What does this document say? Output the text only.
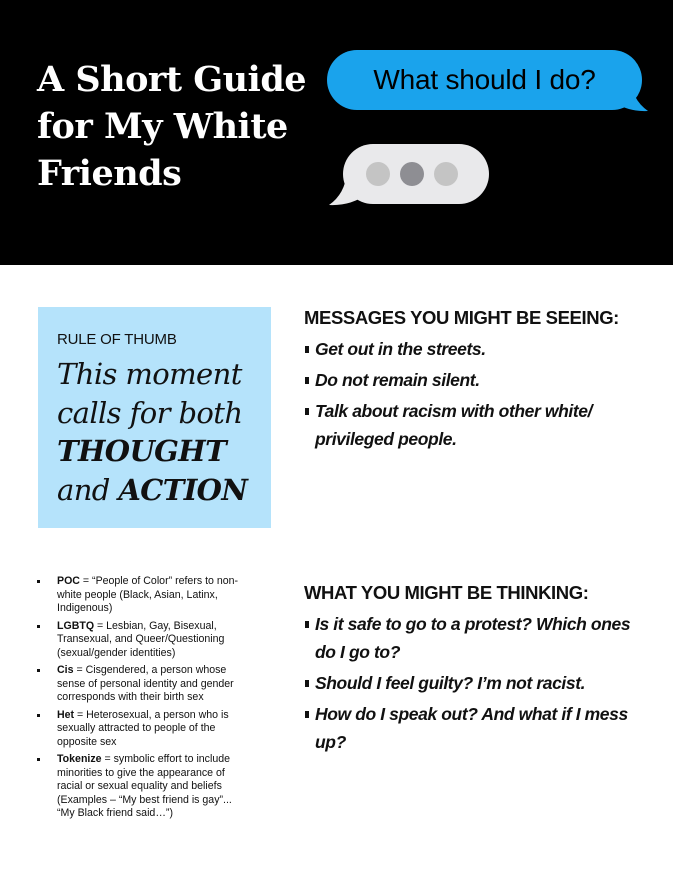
A Short Guide
for My White
Friends
What should I do?
RULE OF THUMB
This moment
calls for both
THOUGHT
and ACTION
MESSAGES YOU MIGHT BE SEEING:
Get out in the streets.
Do not remain silent.
Talk about racism with other white/ privileged people.
WHAT YOU MIGHT BE THINKING:
Is it safe to go to a protest? Which ones do I go to?
Should I feel guilty? I’m not racist.
How do I speak out? And what if I mess up?
POC = “People of Color” refers to non-white people (Black, Asian, Latinx, Indigenous)
LGBTQ = Lesbian, Gay, Bisexual, Transexual, and Queer/Questioning (sexual/gender identities)
Cis = Cisgendered, a person whose sense of personal identity and gender corresponds with their birth sex
Het = Heterosexual, a person who is sexually attracted to people of the opposite sex
Tokenize = symbolic effort to include minorities to give the appearance of racial or sexual equality and beliefs (Examples – “My best friend is gay”... “My Black friend said…”)
